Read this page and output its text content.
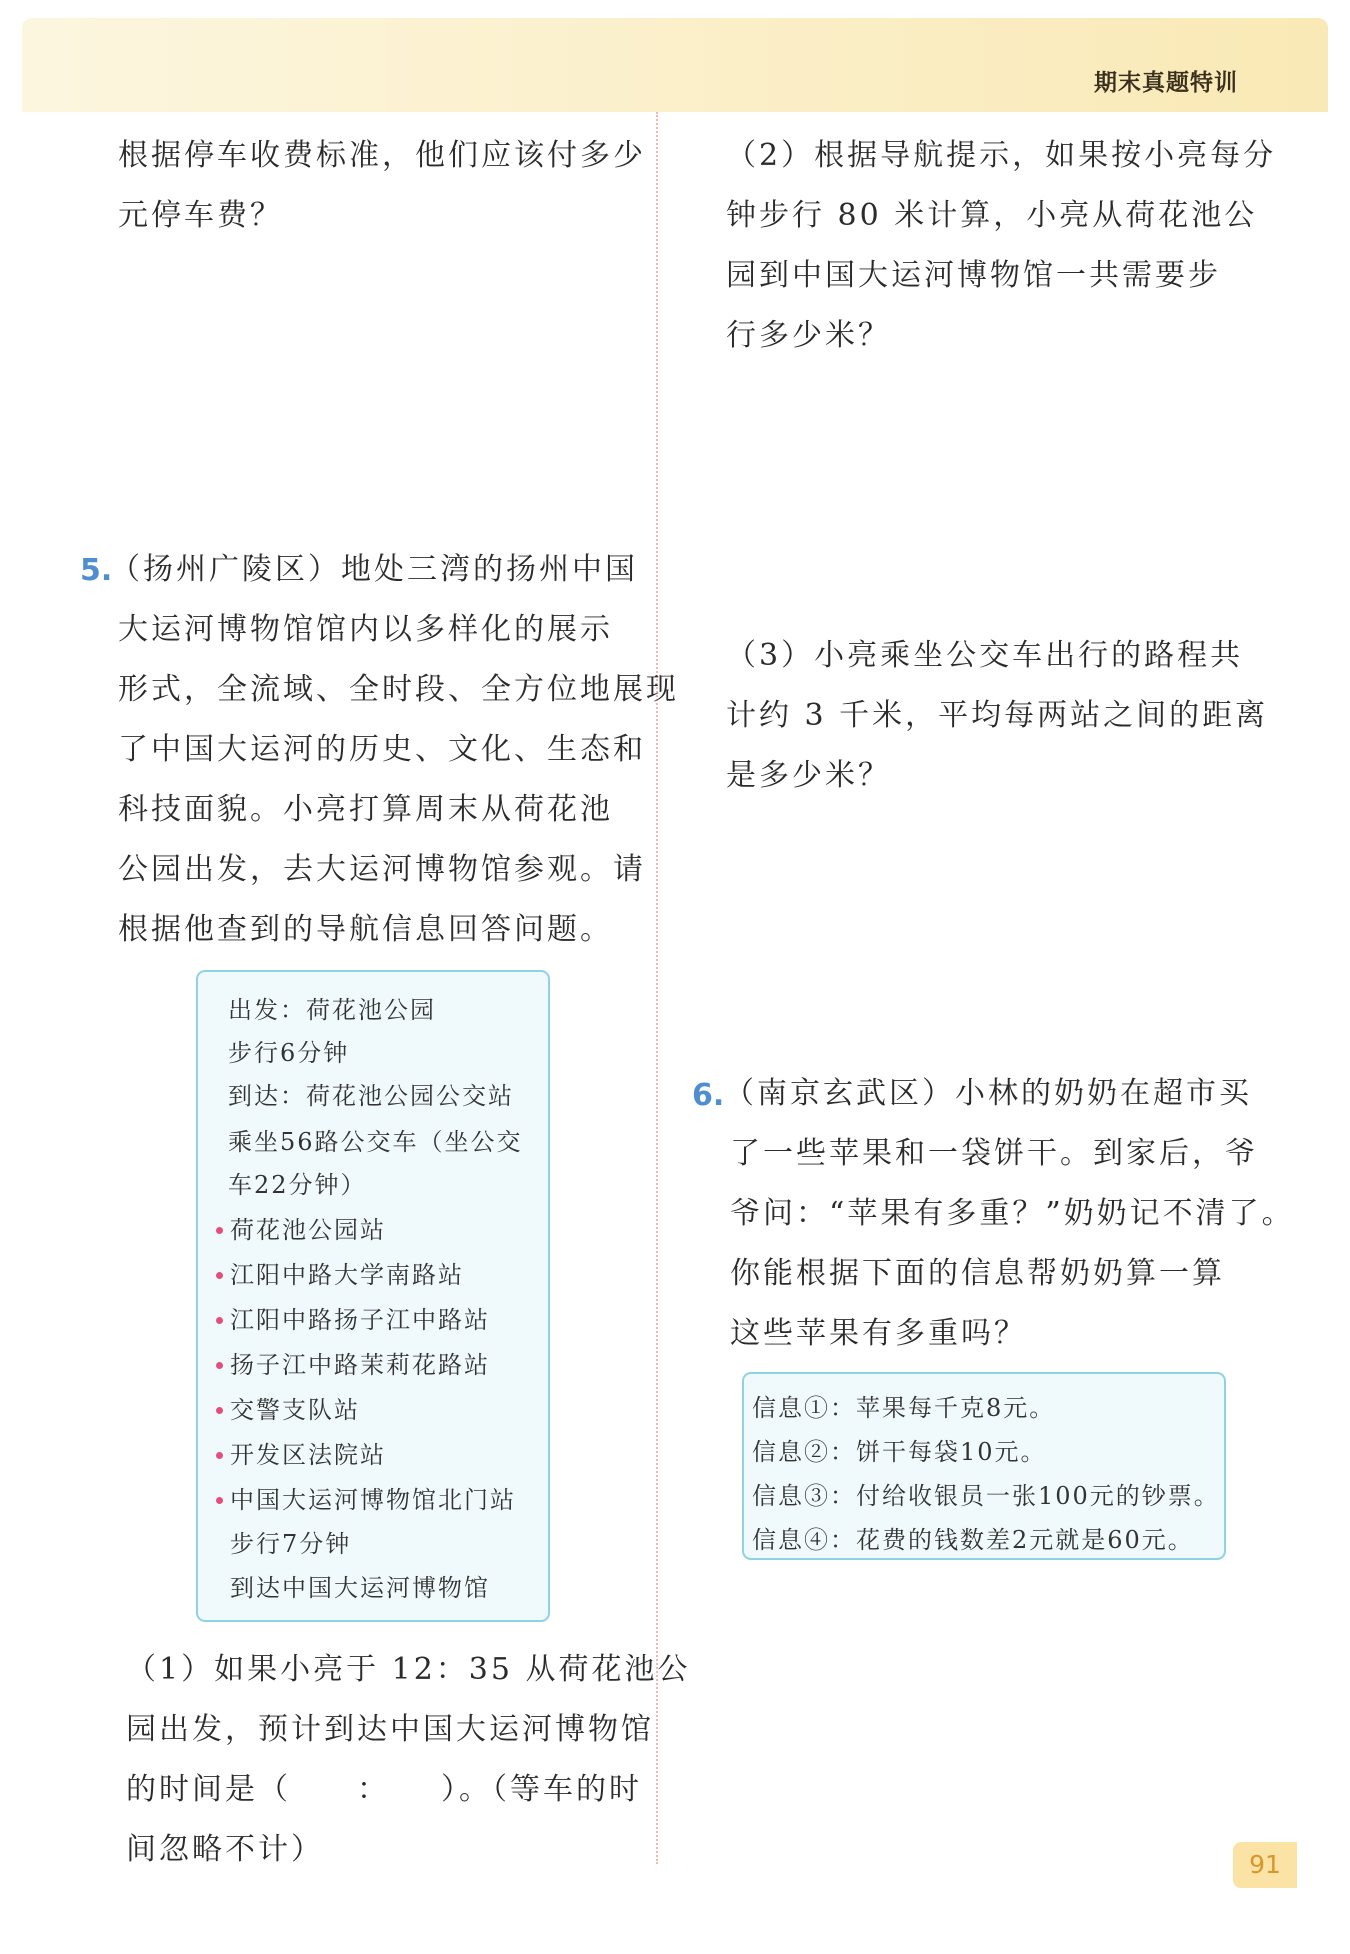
期末真题特训
根据停车收费标准，他们应该付多少
元停车费？
5.
（扬州广陵区）地处三湾的扬州中国
大运河博物馆馆内以多样化的展示
形式，全流域、全时段、全方位地展现
了中国大运河的历史、文化、生态和
科技面貌。小亮打算周末从荷花池
公园出发，去大运河博物馆参观。请
根据他查到的导航信息回答问题。
出发：荷花池公园
步行6分钟
到达：荷花池公园公交站
乘坐56路公交车（坐公交
车22分钟）
荷花池公园站
江阳中路大学南路站
江阳中路扬子江中路站
扬子江中路茉莉花路站
交警支队站
开发区法院站
中国大运河博物馆北门站
步行7分钟
到达中国大运河博物馆
（1）如果小亮于 12：35 从荷花池公
园出发，预计到达中国大运河博物馆
的时间是（　　：　　）。（等车的时
间忽略不计）
（2）根据导航提示，如果按小亮每分
钟步行 80 米计算，小亮从荷花池公
园到中国大运河博物馆一共需要步
行多少米？
（3）小亮乘坐公交车出行的路程共
计约 3 千米，平均每两站之间的距离
是多少米？
6. （南京玄武区）小林的奶奶在超市买
了一些苹果和一袋饼干。到家后，爷
爷问：“苹果有多重？”奶奶记不清了。
你能根据下面的信息帮奶奶算一算
这些苹果有多重吗？
信息①：苹果每千克8元。
信息②：饼干每袋10元。
信息③：付给收银员一张100元的钞票。
信息④：花费的钱数差2元就是60元。
91
